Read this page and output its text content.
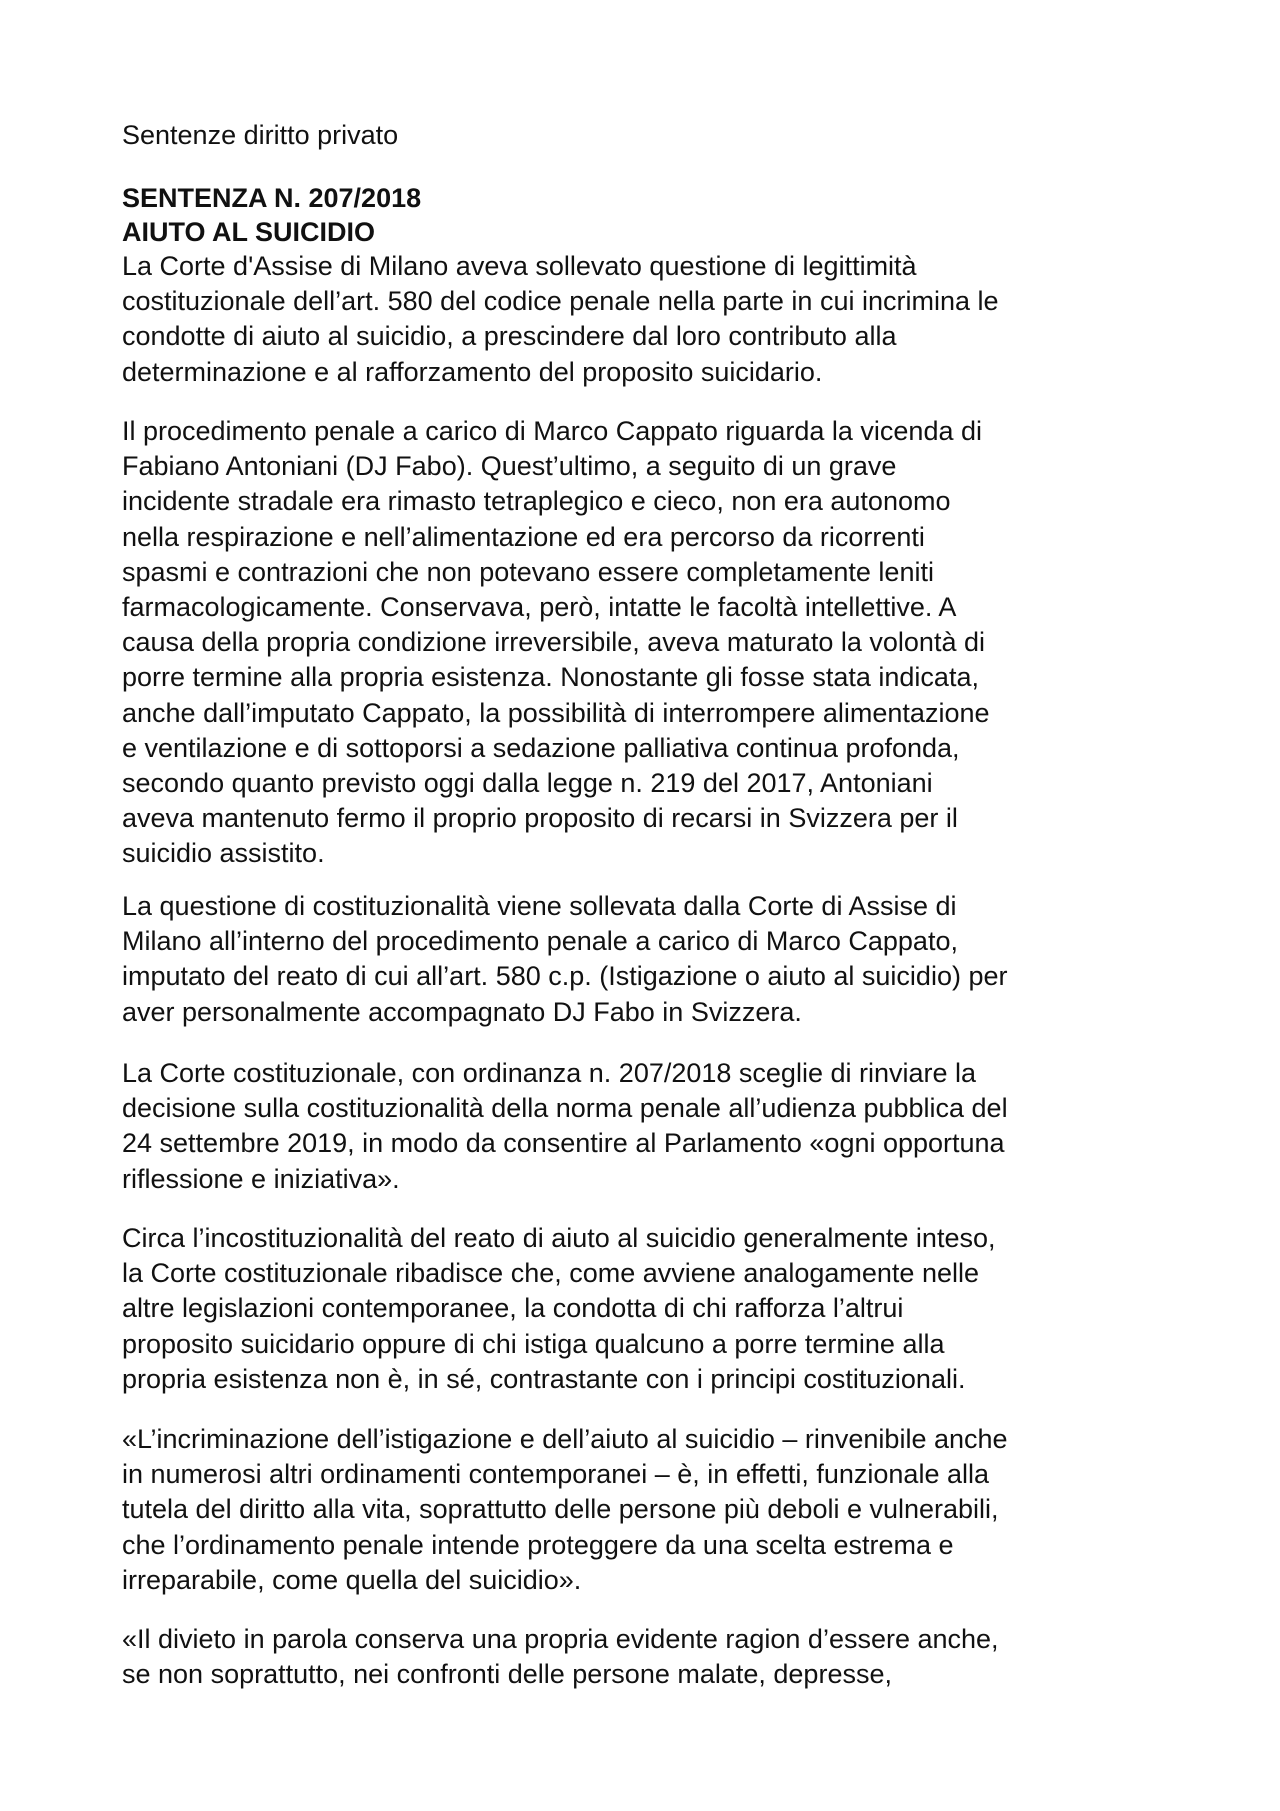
Sentenze diritto privato
SENTENZA N. 207/2018
AIUTO AL SUICIDIO
La Corte d'Assise di Milano aveva sollevato questione di legittimità
costituzionale dell’art. 580 del codice penale nella parte in cui incrimina le
condotte di aiuto al suicidio, a prescindere dal loro contributo alla
determinazione e al rafforzamento del proposito suicidario.
Il procedimento penale a carico di Marco Cappato riguarda la vicenda di
Fabiano Antoniani (DJ Fabo). Quest’ultimo, a seguito di un grave
incidente stradale era rimasto tetraplegico e cieco, non era autonomo
nella respirazione e nell’alimentazione ed era percorso da ricorrenti
spasmi e contrazioni che non potevano essere completamente leniti
farmacologicamente. Conservava, però, intatte le facoltà intellettive. A
causa della propria condizione irreversibile, aveva maturato la volontà di
porre termine alla propria esistenza. Nonostante gli fosse stata indicata,
anche dall’imputato Cappato, la possibilità di interrompere alimentazione
e ventilazione e di sottoporsi a sedazione palliativa continua profonda,
secondo quanto previsto oggi dalla legge n. 219 del 2017, Antoniani
aveva mantenuto fermo il proprio proposito di recarsi in Svizzera per il
suicidio assistito.
La questione di costituzionalità viene sollevata dalla Corte di Assise di
Milano all’interno del procedimento penale a carico di Marco Cappato,
imputato del reato di cui all’art. 580 c.p. (Istigazione o aiuto al suicidio) per
aver personalmente accompagnato DJ Fabo in Svizzera.
La Corte costituzionale, con ordinanza n. 207/2018 sceglie di rinviare la
decisione sulla costituzionalità della norma penale all’udienza pubblica del
24 settembre 2019, in modo da consentire al Parlamento «ogni opportuna
riflessione e iniziativa».
Circa l’incostituzionalità del reato di aiuto al suicidio generalmente inteso,
la Corte costituzionale ribadisce che, come avviene analogamente nelle
altre legislazioni contemporanee, la condotta di chi rafforza l’altrui
proposito suicidario oppure di chi istiga qualcuno a porre termine alla
propria esistenza non è, in sé, contrastante con i principi costituzionali.
«L’incriminazione dell’istigazione e dell’aiuto al suicidio – rinvenibile anche
in numerosi altri ordinamenti contemporanei – è, in effetti, funzionale alla
tutela del diritto alla vita, soprattutto delle persone più deboli e vulnerabili,
che l’ordinamento penale intende proteggere da una scelta estrema e
irreparabile, come quella del suicidio».
«Il divieto in parola conserva una propria evidente ragion d’essere anche,
se non soprattutto, nei confronti delle persone malate, depresse,
